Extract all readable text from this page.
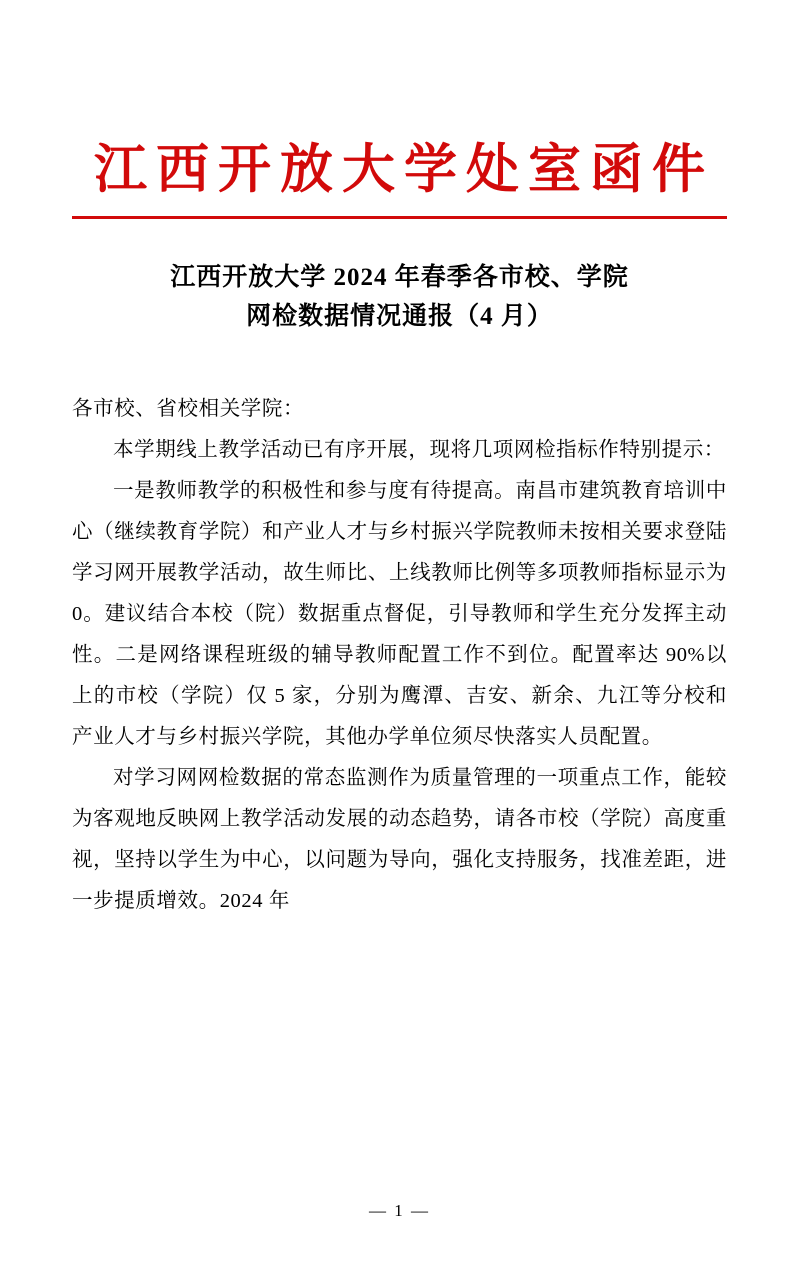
江西开放大学处室函件
江西开放大学 2024 年春季各市校、学院
网检数据情况通报（4 月）

各市校、省校相关学院：

本学期线上教学活动已有序开展，现将几项网检指标作特别提示：

一是教师教学的积极性和参与度有待提高。南昌市建筑教育培训中心（继续教育学院）和产业人才与乡村振兴学院教师未按相关要求登陆学习网开展教学活动，故生师比、上线教师比例等多项教师指标显示为 0。建议结合本校（院）数据重点督促，引导教师和学生充分发挥主动性。二是网络课程班级的辅导教师配置工作不到位。配置率达 90%以上的市校（学院）仅 5 家，分别为鹰潭、吉安、新余、九江等分校和产业人才与乡村振兴学院，其他办学单位须尽快落实人员配置。

对学习网网检数据的常态监测作为质量管理的一项重点工作，能较为客观地反映网上教学活动发展的动态趋势，请各市校（学院）高度重视，坚持以学生为中心，以问题为导向，强化支持服务，找准差距，进一步提质增效。2024 年

— 1 —
